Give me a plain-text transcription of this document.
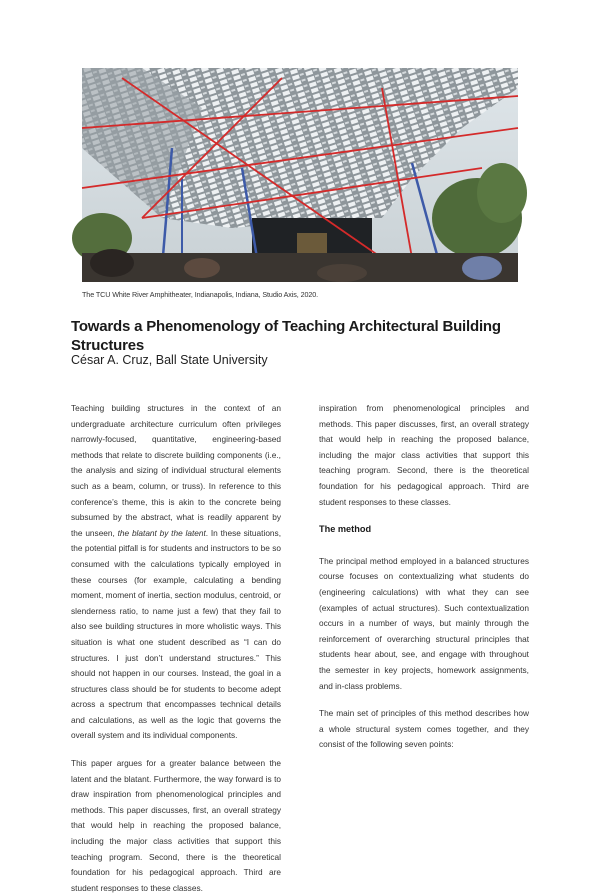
The TCU White River Amphitheater, Indianapolis, Indiana, Studio Axis, 2020.
Towards a Phenomenology of Teaching Architectural Building Structures
César A. Cruz, Ball State University

Teaching building structures in the context of an undergraduate architecture curriculum often privileges narrowly-focused, quantitative, engineering-based methods that relate to discrete building components (i.e., the analysis and sizing of individual structural elements such as a beam, column, or truss). In reference to this conference’s theme, this is akin to the concrete being subsumed by the abstract, what is readily apparent by the unseen, the blatant by the latent. In these situations, the potential pitfall is for students and instructors to be so consumed with the calculations typically employed in these courses (for example, calculating a bending moment, moment of inertia, section modulus, centroid, or slenderness ratio, to name just a few) that they fail to also see building structures in more wholistic ways. This situation is what one student described as “I can do structures. I just don’t understand structures.” This should not happen in our courses. Instead, the goal in a structures class should be for students to become adept across a spectrum that encompasses technical details and calculations, as well as the logic that governs the overall system and its individual components.

This paper argues for a greater balance between the latent and the blatant. Furthermore, the way forward is to draw inspiration from phenomenological principles and methods. This paper discusses, first, an overall strategy that would help in reaching the proposed balance, including the major class activities that support this teaching program. Second, there is the theoretical foundation for his pedagogical approach. Third are student responses to these classes.

inspiration from phenomenological principles and methods. This paper discusses, first, an overall strategy that would help in reaching the proposed balance, including the major class activities that support this teaching program. Second, there is the theoretical foundation for his pedagogical approach. Third are student responses to these classes.

The method

The principal method employed in a balanced structures course focuses on contextualizing what students do (engineering calculations) with what they can see (examples of actual structures). Such contextualization occurs in a number of ways, but mainly through the reinforcement of overarching structural principles that students hear about, see, and engage with throughout the semester in key projects, homework assignments, and in-class problems.

The main set of principles of this method describes how a whole structural system comes together, and they consist of the following seven points:
